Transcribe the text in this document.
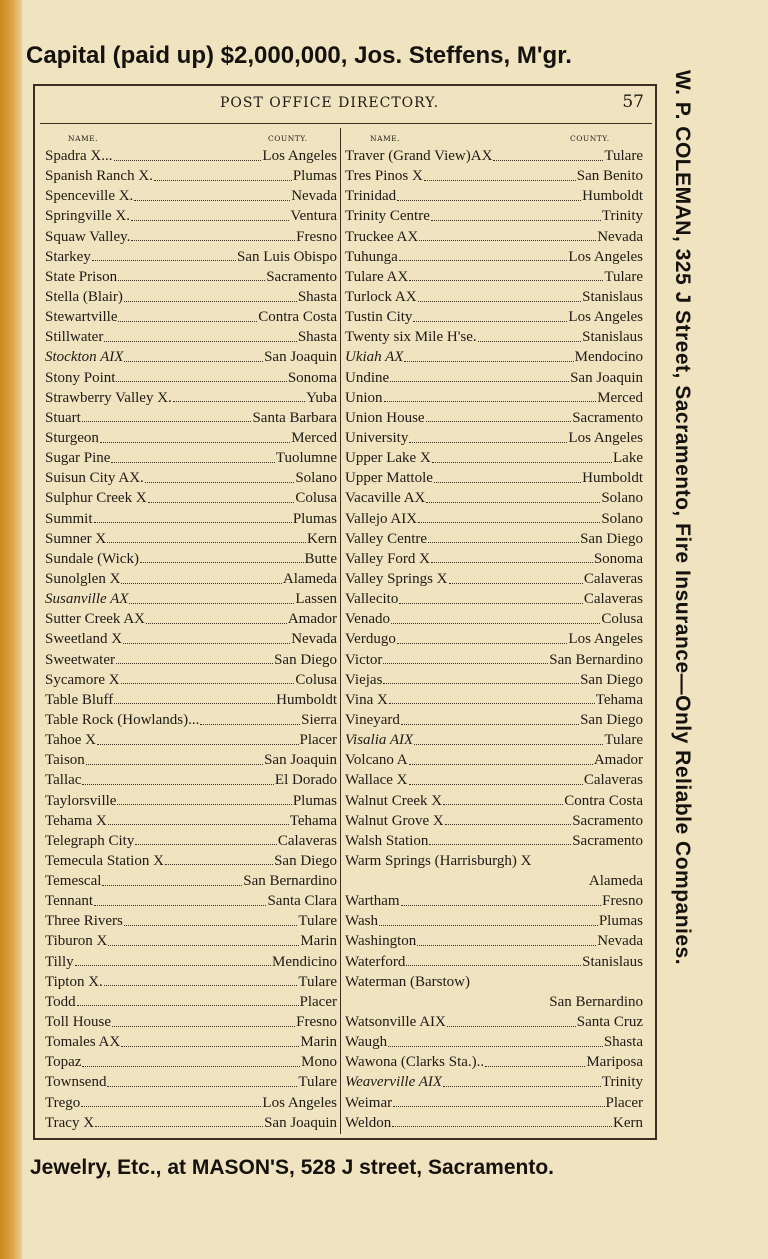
Capital (paid up) $2,000,000, Jos. Steffens, M'gr.
W. P. COLEMAN, 325 J Street, Sacramento, Fire Insurance—Only Reliable Companies.
POST OFFICE DIRECTORY.	57
NAME.	COUNTY.	NAME.	COUNTY.
Spadra X...	Los Angeles
Spanish Ranch X.	Plumas
Spenceville X.	Nevada
Springville X.	Ventura
Squaw Valley.	Fresno
Starkey	San Luis Obispo
State Prison	Sacramento
Stella (Blair)	Shasta
Stewartville	Contra Costa
Stillwater	Shasta
Stockton AIX	San Joaquin
Stony Point	Sonoma
Strawberry Valley X.	Yuba
Stuart	Santa Barbara
Sturgeon	Merced
Sugar Pine	Tuolumne
Suisun City AX.	Solano
Sulphur Creek X	Colusa
Summit	Plumas
Sumner X	Kern
Sundale (Wick)	Butte
Sunolglen X	Alameda
Susanville AX	Lassen
Sutter Creek AX	Amador
Sweetland X	Nevada
Sweetwater	San Diego
Sycamore X	Colusa
Table Bluff	Humboldt
Table Rock (Howlands)...	Sierra
Tahoe X	Placer
Taison	San Joaquin
Tallac	El Dorado
Taylorsville	Plumas
Tehama X	Tehama
Telegraph City	Calaveras
Temecula Station X	San Diego
Temescal	San Bernardino
Tennant	Santa Clara
Three Rivers	Tulare
Tiburon X	Marin
Tilly	Mendicino
Tipton X.	Tulare
Todd	Placer
Toll House	Fresno
Tomales AX	Marin
Topaz	Mono
Townsend	Tulare
Trego	Los Angeles
Tracy X	San Joaquin
Traver (Grand View)AX	Tulare
Tres Pinos X	San Benito
Trinidad	Humboldt
Trinity Centre	Trinity
Truckee AX	Nevada
Tuhunga	Los Angeles
Tulare AX	Tulare
Turlock AX	Stanislaus
Tustin City	Los Angeles
Twenty six Mile H'se.	Stanislaus
Ukiah AX	Mendocino
Undine	San Joaquin
Union	Merced
Union House	Sacramento
University	Los Angeles
Upper Lake X	Lake
Upper Mattole	Humboldt
Vacaville AX	Solano
Vallejo AIX	Solano
Valley Centre	San Diego
Valley Ford X	Sonoma
Valley Springs X	Calaveras
Vallecito	Calaveras
Venado	Colusa
Verdugo	Los Angeles
Victor	San Bernardino
Viejas	San Diego
Vina X	Tehama
Vineyard	San Diego
Visalia AIX	Tulare
Volcano A	Amador
Wallace X	Calaveras
Walnut Creek X	Contra Costa
Walnut Grove X	Sacramento
Walsh Station	Sacramento
Warm Springs (Harrisburgh) X
Alameda
Wartham	Fresno
Wash	Plumas
Washington	Nevada
Waterford	Stanislaus
Waterman (Barstow)
San Bernardino
Watsonville AIX	Santa Cruz
Waugh	Shasta
Wawona (Clarks Sta.)..	Mariposa
Weaverville AIX	Trinity
Weimar	Placer
Weldon	Kern
Jewelry, Etc., at MASON'S, 528 J street, Sacramento.
